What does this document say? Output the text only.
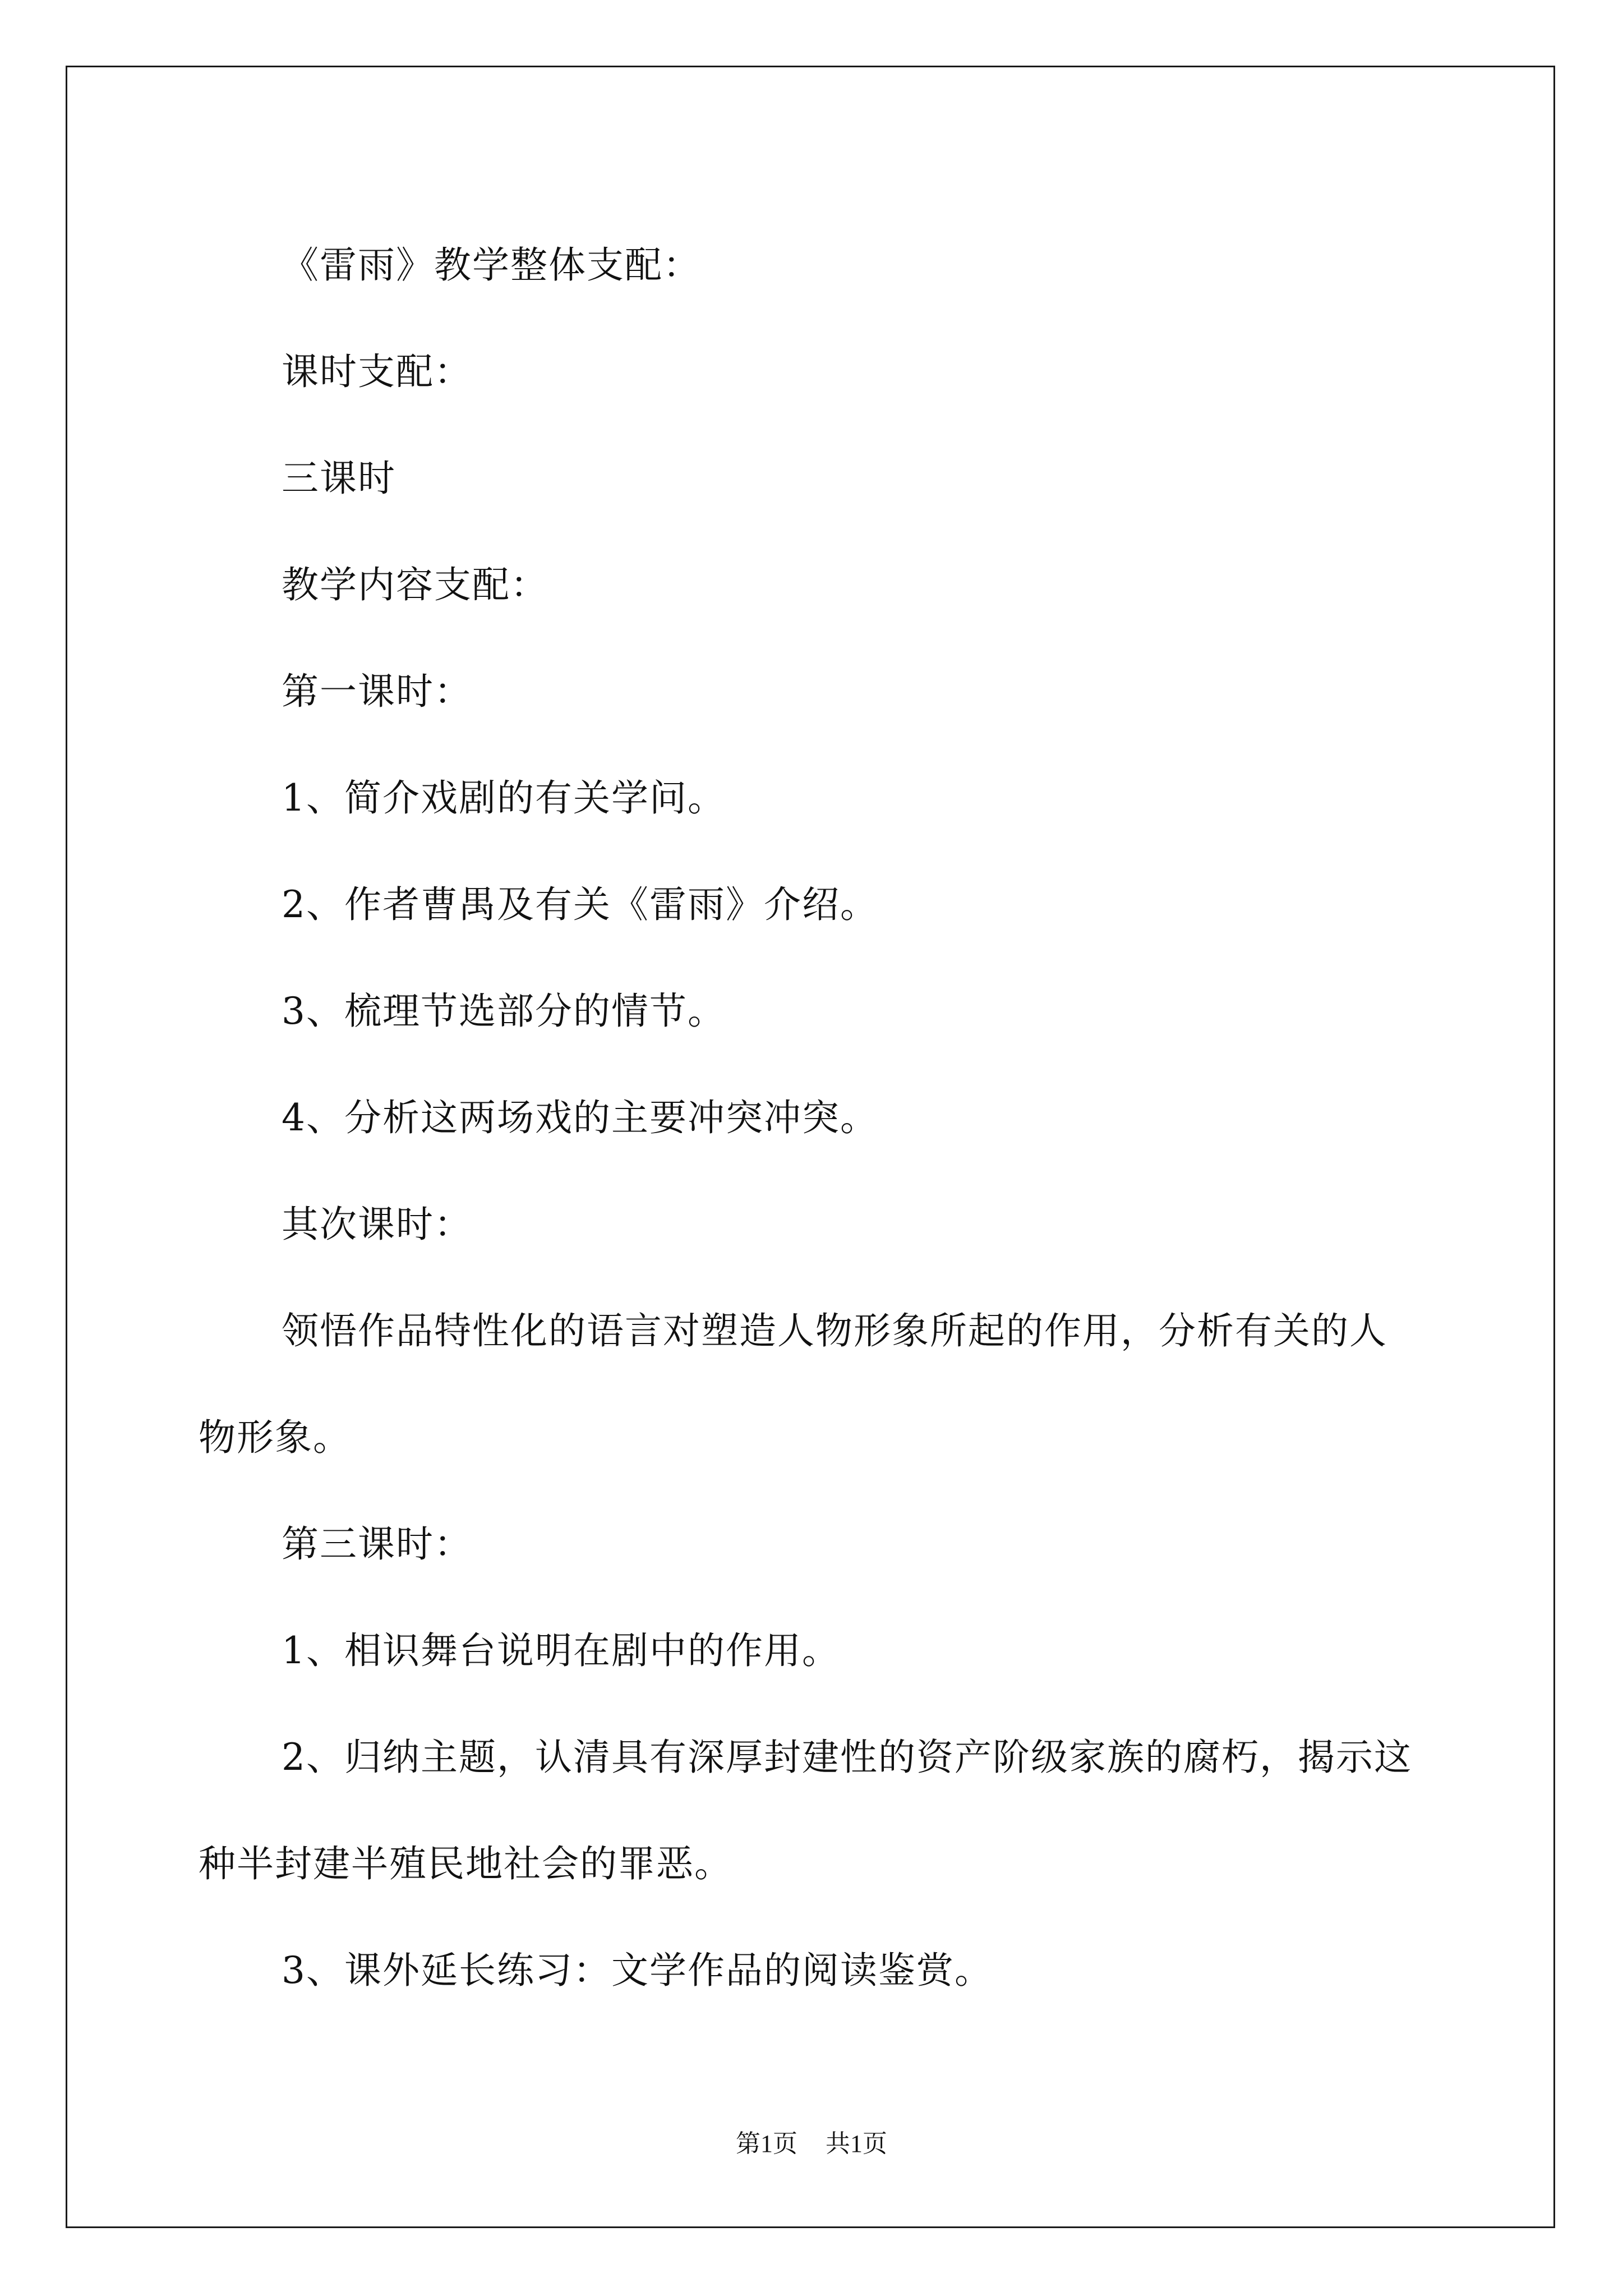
《雷雨》教学整体支配：

课时支配：

三课时

教学内容支配：

第一课时：

1、简介戏剧的有关学问。

2、作者曹禺及有关《雷雨》介绍。

3、梳理节选部分的情节。

4、分析这两场戏的主要冲突冲突。

其次课时：

领悟作品特性化的语言对塑造人物形象所起的作用，分析有关的人物形象。

第三课时：

1、相识舞台说明在剧中的作用。

2、归纳主题，认清具有深厚封建性的资产阶级家族的腐朽，揭示这种半封建半殖民地社会的罪恶。

3、课外延长练习：文学作品的阅读鉴赏。

第1页 共1页
